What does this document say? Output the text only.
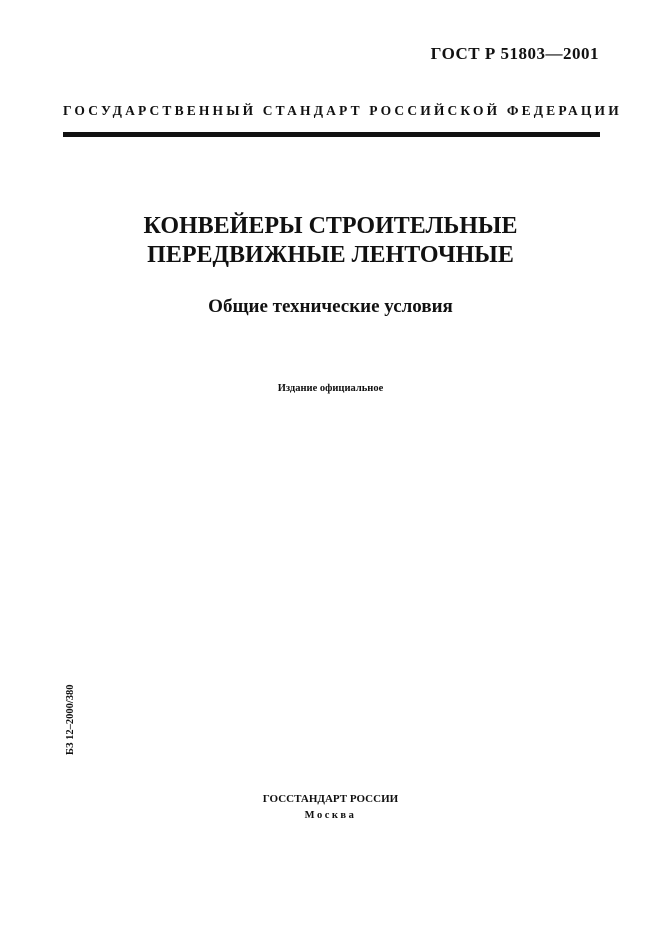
ГОСТ Р 51803—2001
ГОСУДАРСТВЕННЫЙ СТАНДАРТ РОССИЙСКОЙ ФЕДЕРАЦИИ
КОНВЕЙЕРЫ СТРОИТЕЛЬНЫЕ
ПЕРЕДВИЖНЫЕ ЛЕНТОЧНЫЕ
Общие технические условия
Издание официальное
БЗ 12–2000/380
ГОССТАНДАРТ РОССИИ
Москва
